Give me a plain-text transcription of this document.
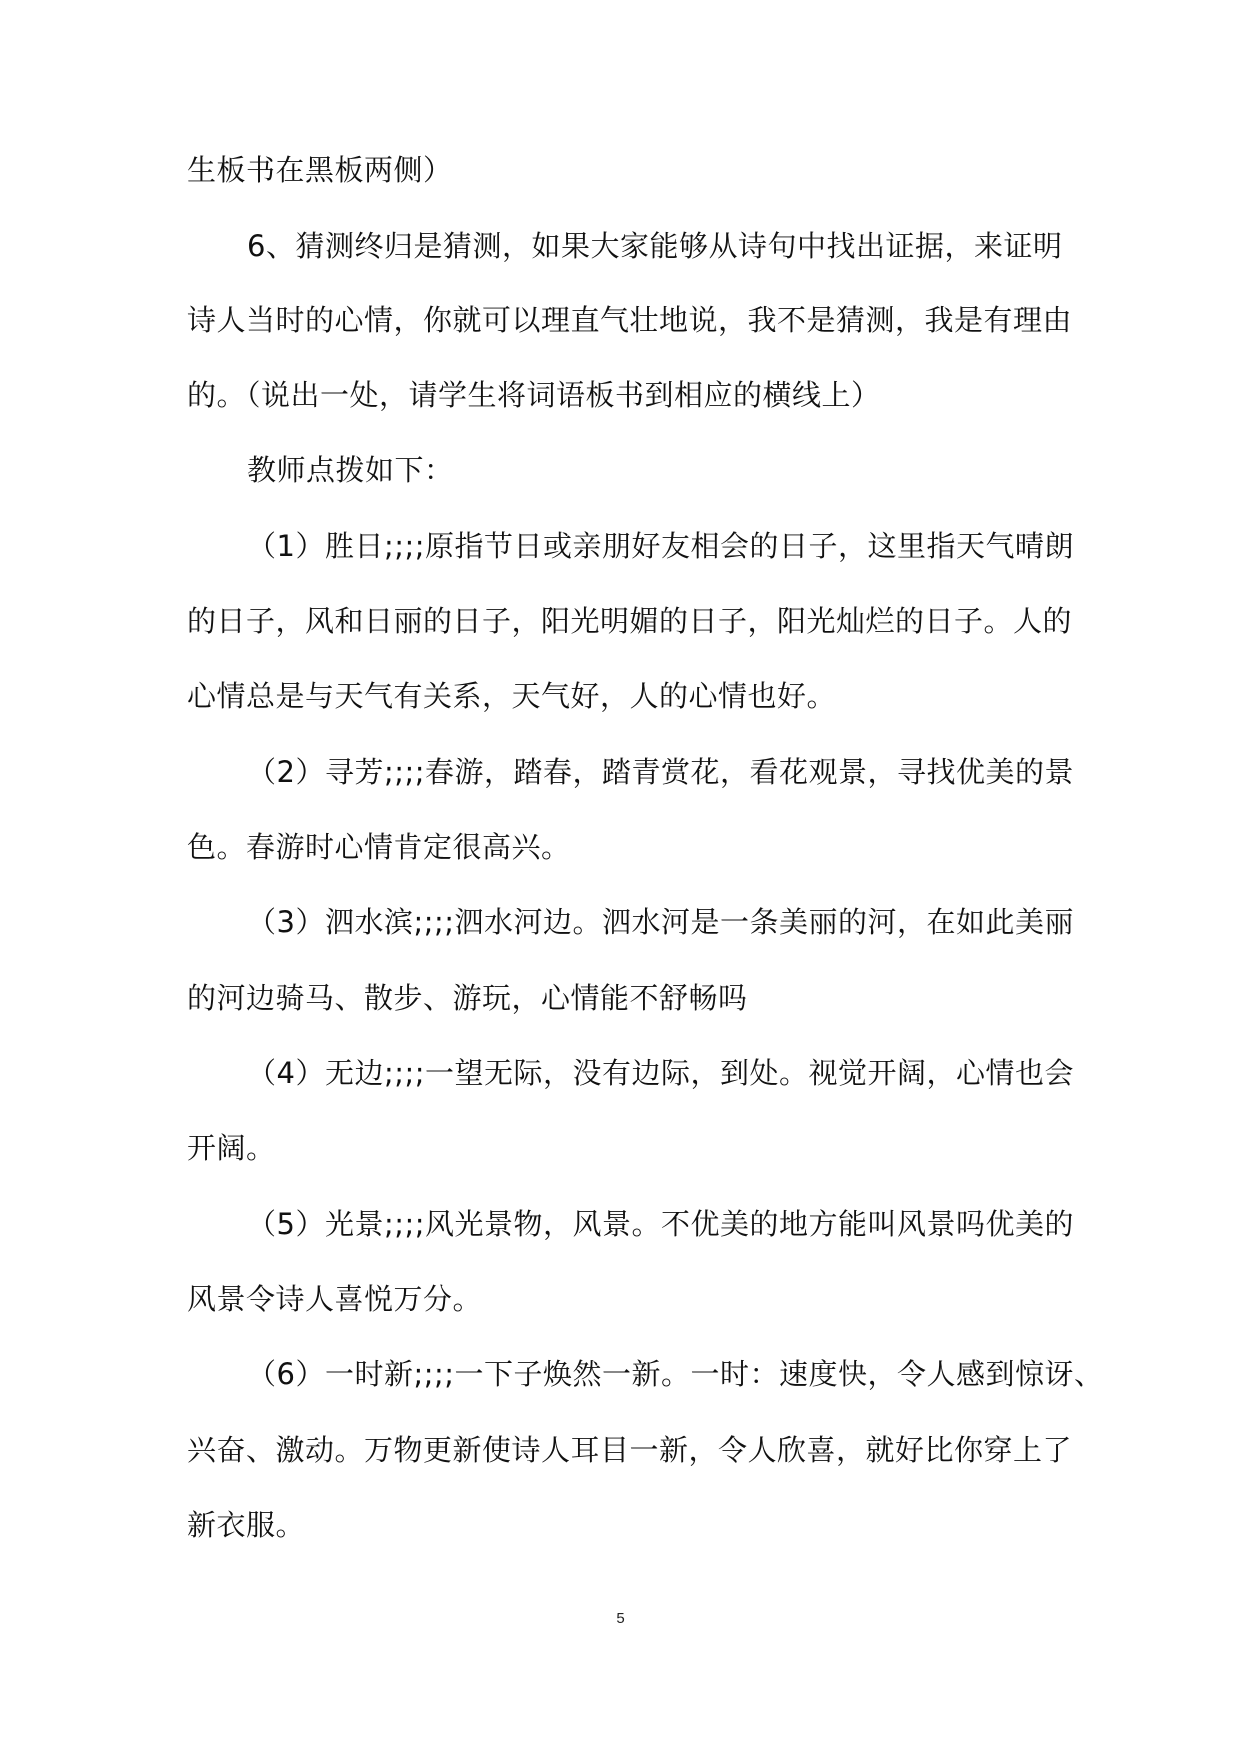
生板书在黑板两侧）
6、猜测终归是猜测，如果大家能够从诗句中找出证据，来证明
诗人当时的心情，你就可以理直气壮地说，我不是猜测，我是有理由
的。（说出一处，请学生将词语板书到相应的横线上）
教师点拨如下：
（1）胜日;;;;原指节日或亲朋好友相会的日子，这里指天气晴朗
的日子，风和日丽的日子，阳光明媚的日子，阳光灿烂的日子。人的
心情总是与天气有关系，天气好，人的心情也好。
（2）寻芳;;;;春游，踏春，踏青赏花，看花观景，寻找优美的景
色。春游时心情肯定很高兴。
（3）泗水滨;;;;泗水河边。泗水河是一条美丽的河，在如此美丽
的河边骑马、散步、游玩，心情能不舒畅吗
（4）无边;;;;一望无际，没有边际，到处。视觉开阔，心情也会
开阔。
（5）光景;;;;风光景物，风景。不优美的地方能叫风景吗优美的
风景令诗人喜悦万分。
（6）一时新;;;;一下子焕然一新。一时：速度快，令人感到惊讶、
兴奋、激动。万物更新使诗人耳目一新，令人欣喜，就好比你穿上了
新衣服。
5
